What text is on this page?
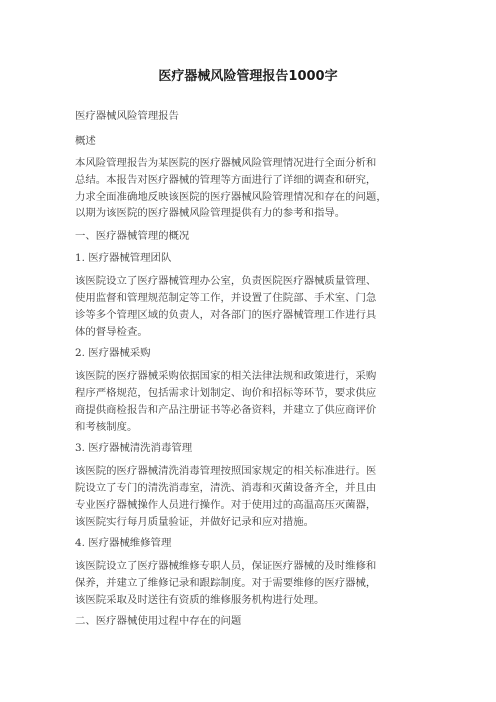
医疗器械风险管理报告1000字
医疗器械风险管理报告
概述
本风险管理报告为某医院的医疗器械风险管理情况进行全面分析和
总结。本报告对医疗器械的管理等方面进行了详细的调查和研究，
力求全面准确地反映该医院的医疗器械风险管理情况和存在的问题，
以期为该医院的医疗器械风险管理提供有力的参考和指导。
一、医疗器械管理的概况
1. 医疗器械管理团队
该医院设立了医疗器械管理办公室，负责医院医疗器械质量管理、
使用监督和管理规范制定等工作，并设置了住院部、手术室、门急
诊等多个管理区域的负责人，对各部门的医疗器械管理工作进行具
体的督导检查。
2. 医疗器械采购
该医院的医疗器械采购依据国家的相关法律法规和政策进行，采购
程序严格规范，包括需求计划制定、询价和招标等环节，要求供应
商提供商检报告和产品注册证书等必备资料，并建立了供应商评价
和考核制度。
3. 医疗器械清洗消毒管理
该医院的医疗器械清洗消毒管理按照国家规定的相关标准进行。医
院设立了专门的清洗消毒室，清洗、消毒和灭菌设备齐全，并且由
专业医疗器械操作人员进行操作。对于使用过的高温高压灭菌器，
该医院实行每月质量验证，并做好记录和应对措施。
4. 医疗器械维修管理
该医院设立了医疗器械维修专职人员，保证医疗器械的及时维修和
保养，并建立了维修记录和跟踪制度。对于需要维修的医疗器械，
该医院采取及时送往有资质的维修服务机构进行处理。
二、医疗器械使用过程中存在的问题
